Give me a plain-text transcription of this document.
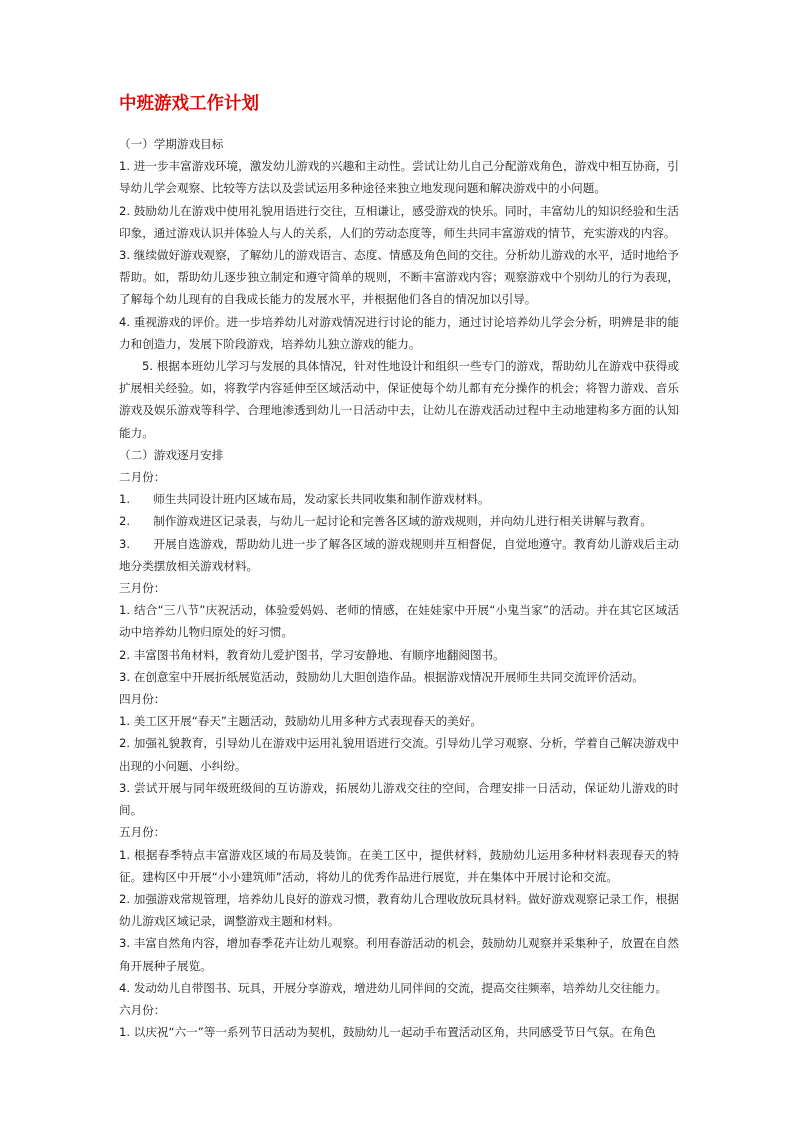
中班游戏工作计划

（一）学期游戏目标

1. 进一步丰富游戏环境，激发幼儿游戏的兴趣和主动性。尝试让幼儿自己分配游戏角色，游戏中相互协商，引导幼儿学会观察、比较等方法以及尝试运用多种途径来独立地发现问题和解决游戏中的小问题。

2. 鼓励幼儿在游戏中使用礼貌用语进行交往，互相谦让，感受游戏的快乐。同时，丰富幼儿的知识经验和生活印象，通过游戏认识并体验人与人的关系，人们的劳动态度等，师生共同丰富游戏的情节，充实游戏的内容。

3. 继续做好游戏观察，了解幼儿的游戏语言、态度、情感及角色间的交往。分析幼儿游戏的水平，适时地给予帮助。如，帮助幼儿逐步独立制定和遵守简单的规则，不断丰富游戏内容；观察游戏中个别幼儿的行为表现，了解每个幼儿现有的自我成长能力的发展水平，并根据他们各自的情况加以引导。

4. 重视游戏的评价。进一步培养幼儿对游戏情况进行讨论的能力，通过讨论培养幼儿学会分析，明辨是非的能力和创造力，发展下阶段游戏，培养幼儿独立游戏的能力。

5. 根据本班幼儿学习与发展的具体情况，针对性地设计和组织一些专门的游戏，帮助幼儿在游戏中获得或扩展相关经验。如，将教学内容延伸至区域活动中，保证使每个幼儿都有充分操作的机会；将智力游戏、音乐游戏及娱乐游戏等科学、合理地渗透到幼儿一日活动中去，让幼儿在游戏活动过程中主动地建构多方面的认知能力。

（二）游戏逐月安排

二月份：

1.　　师生共同设计班内区域布局，发动家长共同收集和制作游戏材料。

2.　　制作游戏进区记录表，与幼儿一起讨论和完善各区域的游戏规则，并向幼儿进行相关讲解与教育。

3.　　开展自选游戏，帮助幼儿进一步了解各区域的游戏规则并互相督促，自觉地遵守。教育幼儿游戏后主动地分类摆放相关游戏材料。

三月份：

1. 结合“三八节”庆祝活动，体验爱妈妈、老师的情感，在娃娃家中开展“小鬼当家”的活动。并在其它区域活动中培养幼儿物归原处的好习惯。

2. 丰富图书角材料，教育幼儿爱护图书，学习安静地、有顺序地翻阅图书。

3. 在创意室中开展折纸展览活动，鼓励幼儿大胆创造作品。根据游戏情况开展师生共同交流评价活动。

四月份：

1. 美工区开展“春天”主题活动，鼓励幼儿用多种方式表现春天的美好。

2. 加强礼貌教育，引导幼儿在游戏中运用礼貌用语进行交流。引导幼儿学习观察、分析，学着自己解决游戏中出现的小问题、小纠纷。

3. 尝试开展与同年级班级间的互访游戏，拓展幼儿游戏交往的空间，合理安排一日活动，保证幼儿游戏的时间。

五月份：

1. 根据春季特点丰富游戏区域的布局及装饰。在美工区中，提供材料，鼓励幼儿运用多种材料表现春天的特征。建构区中开展“小小建筑师”活动，将幼儿的优秀作品进行展览，并在集体中开展讨论和交流。

2. 加强游戏常规管理，培养幼儿良好的游戏习惯，教育幼儿合理收放玩具材料。做好游戏观察记录工作，根据幼儿游戏区域记录，调整游戏主题和材料。

3. 丰富自然角内容，增加春季花卉让幼儿观察。利用春游活动的机会，鼓励幼儿观察并采集种子，放置在自然角开展种子展览。

4. 发动幼儿自带图书、玩具，开展分享游戏，增进幼儿同伴间的交流，提高交往频率，培养幼儿交往能力。

六月份：

1. 以庆祝“六一”等一系列节日活动为契机，鼓励幼儿一起动手布置活动区角，共同感受节日气氛。在角色
